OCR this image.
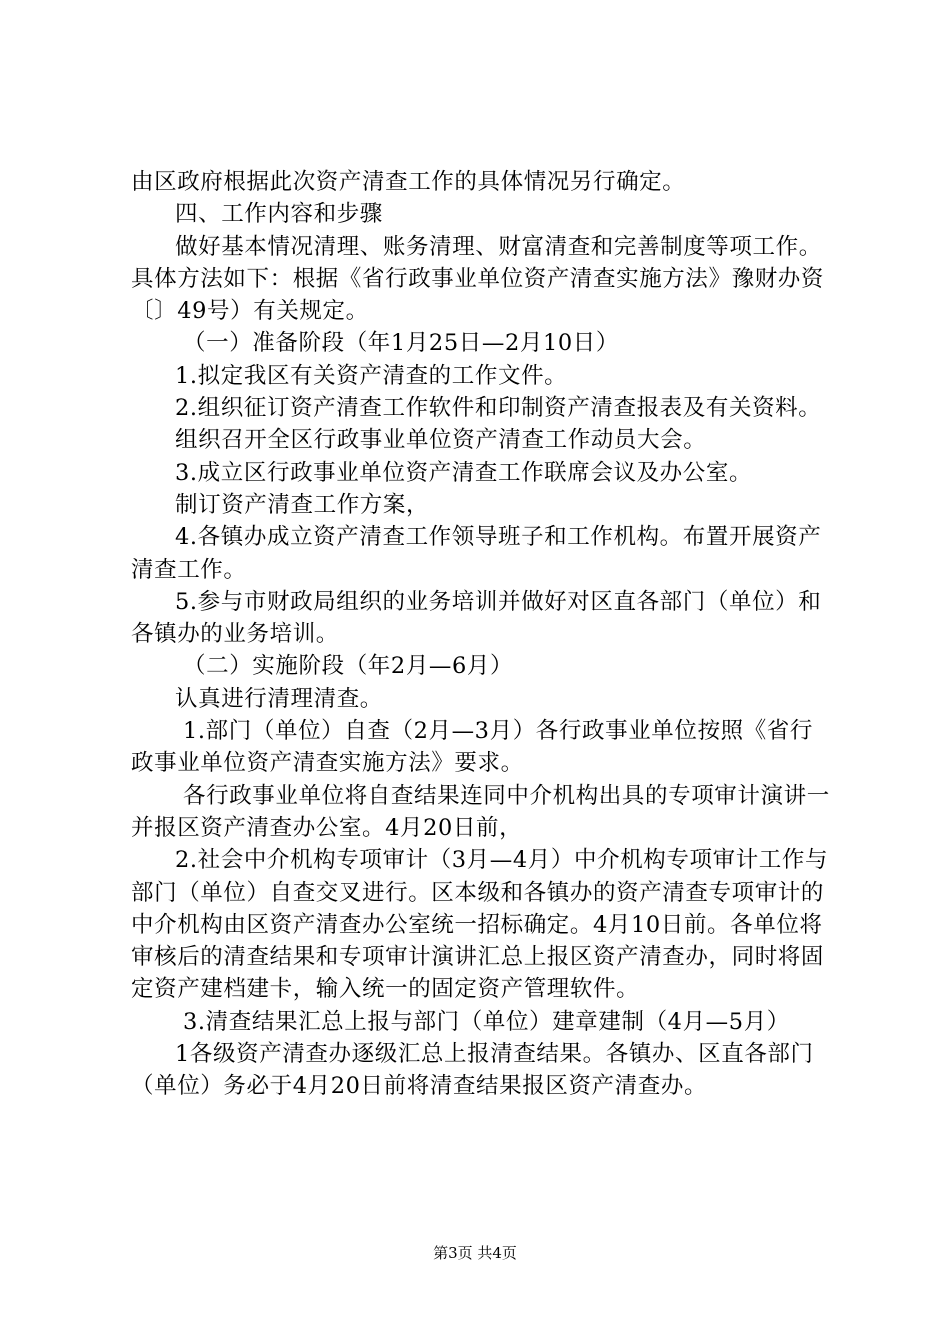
由区政府根据此次资产清查工作的具体情况另行确定。

四、工作内容和步骤

做好基本情况清理、账务清理、财富清查和完善制度等项工作。具体方法如下：根据《省行政事业单位资产清查实施方法》豫财办资〔〕49号）有关规定。

（一）准备阶段（年1月25日—2月10日）

1.拟定我区有关资产清查的工作文件。

2.组织征订资产清查工作软件和印制资产清查报表及有关资料。

组织召开全区行政事业单位资产清查工作动员大会。

3.成立区行政事业单位资产清查工作联席会议及办公室。

制订资产清查工作方案，

4.各镇办成立资产清查工作领导班子和工作机构。布置开展资产清查工作。

5.参与市财政局组织的业务培训并做好对区直各部门（单位）和各镇办的业务培训。

（二）实施阶段（年2月—6月）

认真进行清理清查。

1.部门（单位）自查（2月—3月）各行政事业单位按照《省行政事业单位资产清查实施方法》要求。

各行政事业单位将自查结果连同中介机构出具的专项审计演讲一并报区资产清查办公室。4月20日前，

2.社会中介机构专项审计（3月—4月）中介机构专项审计工作与部门（单位）自查交叉进行。区本级和各镇办的资产清查专项审计的中介机构由区资产清查办公室统一招标确定。4月10日前。各单位将审核后的清查结果和专项审计演讲汇总上报区资产清查办，同时将固定资产建档建卡，输入统一的固定资产管理软件。

3.清查结果汇总上报与部门（单位）建章建制（4月—5月）

1各级资产清查办逐级汇总上报清查结果。各镇办、区直各部门（单位）务必于4月20日前将清查结果报区资产清查办。

第3页 共4页
